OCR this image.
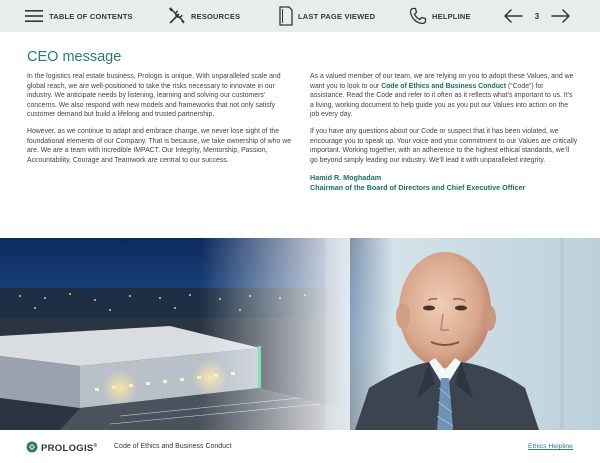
TABLE OF CONTENTS	RESOURCES	LAST PAGE VIEWED	HELPLINE	3
CEO message

In the logistics real estate business, Prologis is unique. With unparalleled scale and global reach, we are well-positioned to take the risks necessary to innovate in our industry. We anticipate needs by listening, learning and solving our customers’ concerns. We also respond with new models and frameworks that not only satisfy customer demand but build a lifelong and trusted partnership.

However, as we continue to adapt and embrace change, we never lose sight of the foundational elements of our Company. That is because, we take ownership of who we are. We are a team with incredible IMPACT. Our Integrity, Mentorship, Passion, Accountability, Courage and Teamwork are central to our success.

As a valued member of our team, we are relying on you to adopt these Values, and we want you to look to our Code of Ethics and Business Conduct (“Code”) for assistance. Read the Code and refer to it often as it reflects what’s important to us. It’s a living, working document to help guide you as you put our Values into action on the job every day.

If you have any questions about our Code or suspect that it has been violated, we encourage you to speak up. Your voice and your commitment to our Values are critically important. Working together, with an adherence to the highest ethical standards, we’ll go beyond simply leading our industry. We’ll lead it with unparalleled integrity.

Hamid R. Moghadam
Chairman of the Board of Directors and Chief Executive Officer
PROLOGIS® Code of Ethics and Business Conduct	Ethics Helpline
